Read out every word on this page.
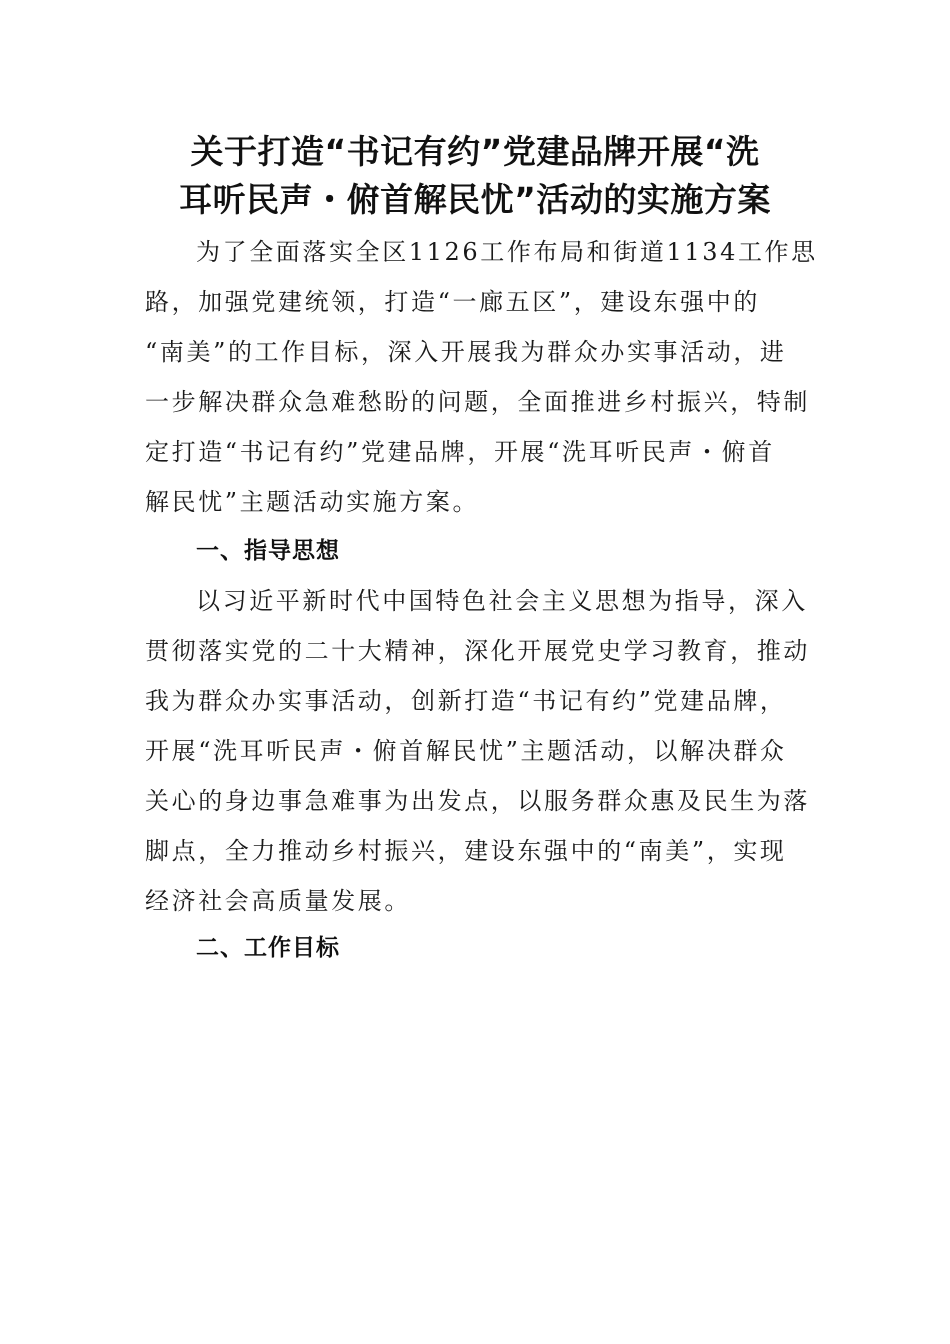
关于打造“书记有约”党建品牌开展“洗
耳听民声・俯首解民忧”活动的实施方案
为了全面落实全区1126工作布局和街道1134工作思
路，加强党建统领，打造“一廊五区”，建设东强中的
“南美”的工作目标，深入开展我为群众办实事活动，进
一步解决群众急难愁盼的问题，全面推进乡村振兴，特制
定打造“书记有约”党建品牌，开展“洗耳听民声・俯首
解民忧”主题活动实施方案。
一、指导思想
以习近平新时代中国特色社会主义思想为指导，深入
贯彻落实党的二十大精神，深化开展党史学习教育，推动
我为群众办实事活动，创新打造“书记有约”党建品牌，
开展“洗耳听民声・俯首解民忧”主题活动，以解决群众
关心的身边事急难事为出发点，以服务群众惠及民生为落
脚点，全力推动乡村振兴，建设东强中的“南美”，实现
经济社会高质量发展。
二、工作目标
